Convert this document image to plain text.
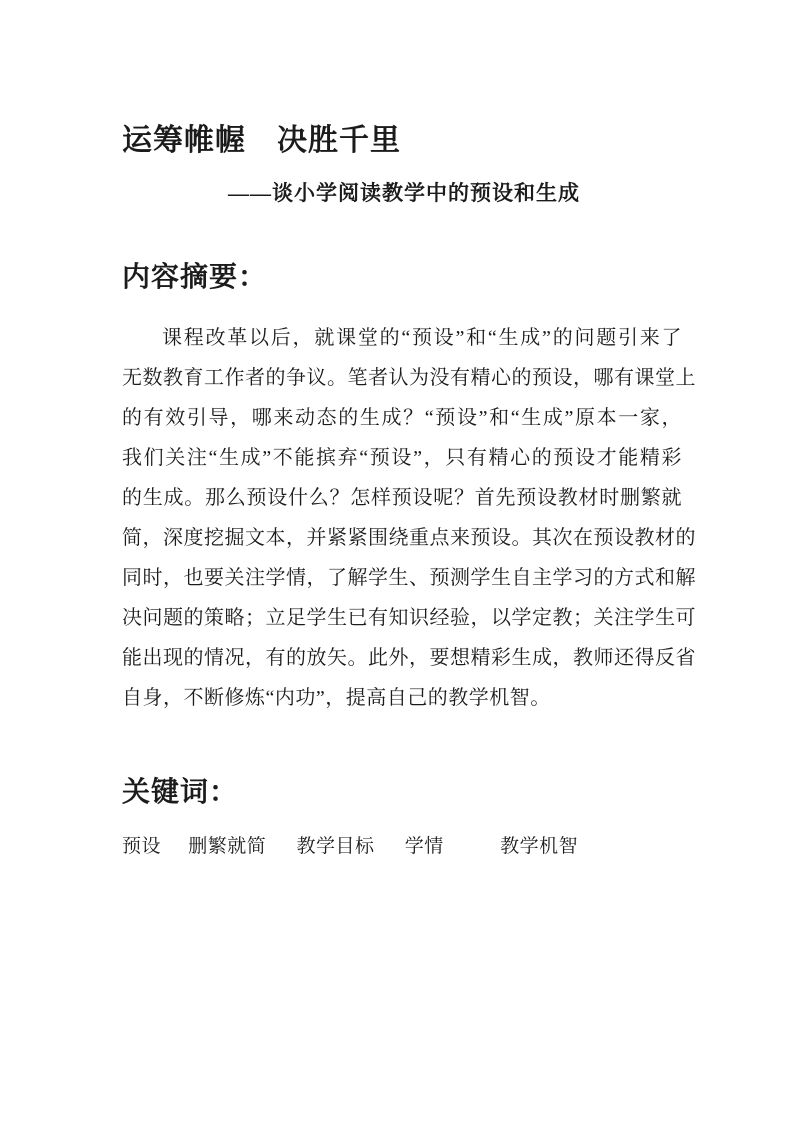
运筹帷幄　决胜千里
——谈小学阅读教学中的预设和生成
内容摘要：
课程改革以后，就课堂的“预设”和“生成”的问题引来了
无数教育工作者的争议。笔者认为没有精心的预设，哪有课堂上
的有效引导，哪来动态的生成？“预设”和“生成”原本一家，
我们关注“生成”不能摈弃“预设”，只有精心的预设才能精彩
的生成。那么预设什么？怎样预设呢？首先预设教材时删繁就
简，深度挖掘文本，并紧紧围绕重点来预设。其次在预设教材的
同时，也要关注学情，了解学生、预测学生自主学习的方式和解
决问题的策略；立足学生已有知识经验，以学定教；关注学生可
能出现的情况，有的放矢。此外，要想精彩生成，教师还得反省
自身，不断修炼“内功”，提高自己的教学机智。
关键词：
预设 删繁就简 教学目标 学情	教学机智
